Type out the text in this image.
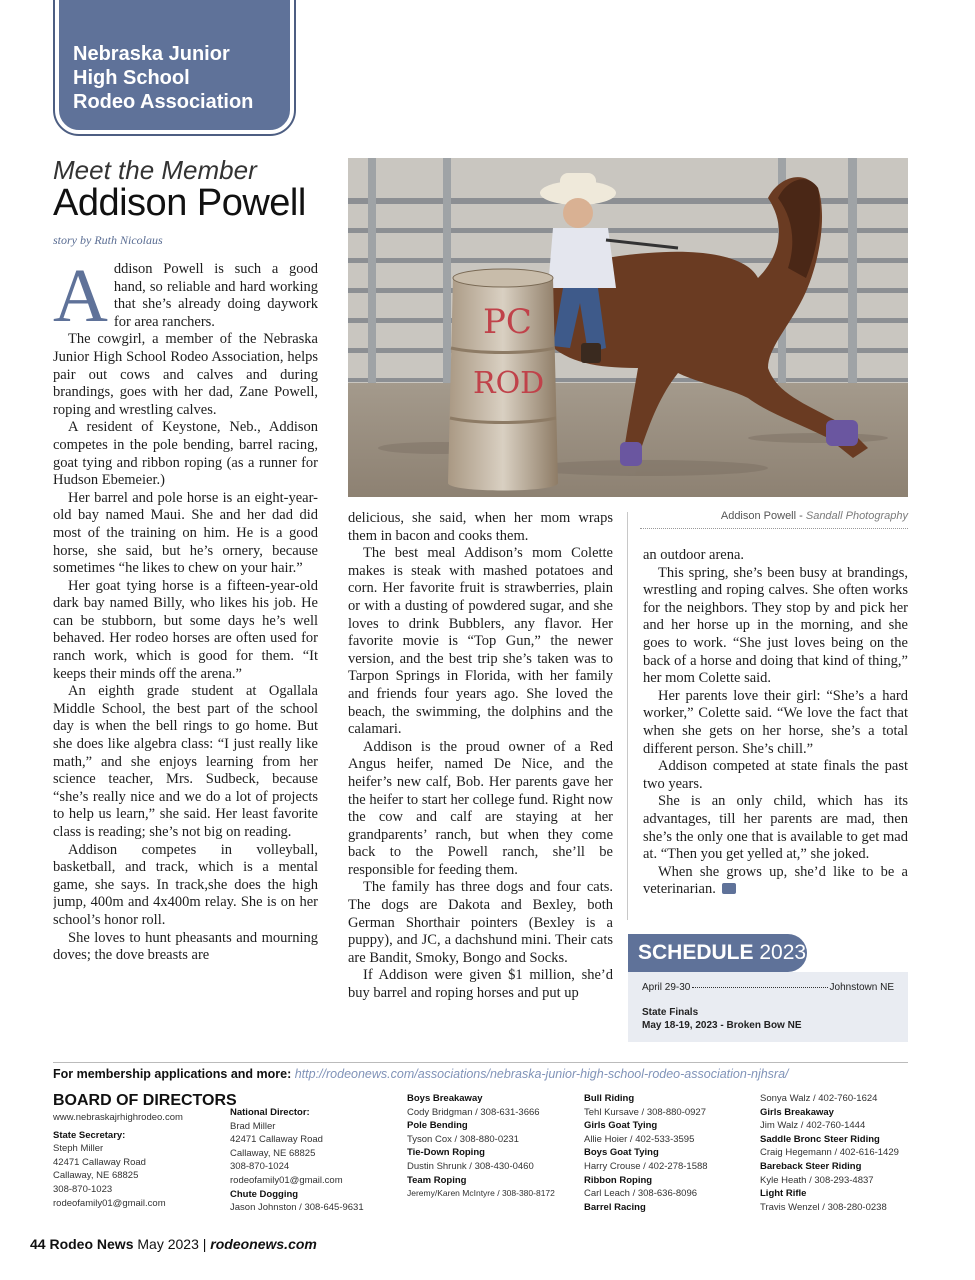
Nebraska Junior
High School
Rodeo Association
Meet the Member
Addison Powell
story by Ruth Nicolaus
PC
ROD
Addison Powell - Sandall Photography
A ddison Powell is such a good hand, so reliable and hard working that she’s already doing daywork for area ranchers.

The cowgirl, a member of the Nebraska Junior High School Rodeo Association, helps pair out cows and calves and during brandings, goes with her dad, Zane Powell, roping and wrestling calves.

A resident of Keystone, Neb., Addison competes in the pole bending, barrel racing, goat tying and ribbon roping (as a runner for Hudson Ebemeier.)

Her barrel and pole horse is an eight-year-old bay named Maui. She and her dad did most of the training on him. He is a good horse, she said, but he’s ornery, because sometimes “he likes to chew on your hair.”

Her goat tying horse is a fifteen-year-old dark bay named Billy, who likes his job. He can be stubborn, but some days he’s well behaved. Her rodeo horses are often used for ranch work, which is good for them. “It keeps their minds off the arena.”

An eighth grade student at Ogallala Middle School, the best part of the school day is when the bell rings to go home. But she does like algebra class: “I just really like math,” and she enjoys learning from her science teacher, Mrs. Sudbeck, because “she’s really nice and we do a lot of projects to help us learn,” she said. Her least favorite class is reading; she’s not big on reading.

Addison competes in volleyball, basketball, and track, which is a mental game, she says. In track,she does the high jump, 400m and 4x400m relay. She is on her school’s honor roll.

She loves to hunt pheasants and mourning doves; the dove breasts are

delicious, she said, when her mom wraps them in bacon and cooks them.

The best meal Addison’s mom Colette makes is steak with mashed potatoes and corn. Her favorite fruit is strawberries, plain or with a dusting of powdered sugar, and she loves to drink Bubblers, any flavor. Her favorite movie is “Top Gun,” the newer version, and the best trip she’s taken was to Tarpon Springs in Florida, with her family and friends four years ago. She loved the beach, the swimming, the dolphins and the calamari.

Addison is the proud owner of a Red Angus heifer, named De Nice, and the heifer’s new calf, Bob. Her parents gave her the heifer to start her college fund. Right now the cow and calf are staying at her grandparents’ ranch, but when they come back to the Powell ranch, she’ll be responsible for feeding them.

The family has three dogs and four cats. The dogs are Dakota and Bexley, both German Shorthair pointers (Bexley is a puppy), and JC, a dachshund mini. Their cats are Bandit, Smoky, Bongo and Socks.

If Addison were given $1 million, she’d buy barrel and roping horses and put up

an outdoor arena.

This spring, she’s been busy at brandings, wrestling and roping calves. She often works for the neighbors. They stop by and pick her and her horse up in the morning, and she goes to work. “She just loves being on the back of a horse and doing that kind of thing,” her mom Colette said.

Her parents love their girl: “She’s a hard worker,” Colette said. “We love the fact that when she gets on her horse, she’s a total different person. She’s chill.”

Addison competed at state finals the past two years.

She is an only child, which has its advantages, till her parents are mad, then she’s the only one that is available to get mad at. “Then you get yelled at,” she joked.

When she grows up, she’d like to be a veterinarian.

SCHEDULE 2023
April 29-30	Johnstown NE
State Finals
May 18-19, 2023 - Broken Bow NE
For membership applications and more: http://rodeonews.com/associations/nebraska-junior-high-school-rodeo-association-njhsra/
BOARD OF DIRECTORS
www.nebraskajrhighrodeo.com
State Secretary:
Steph Miller
42471 Callaway Road
Callaway, NE 68825
308-870-1023
rodeofamily01@gmail.com
National Director:
Brad Miller
42471 Callaway Road
Callaway, NE 68825
308-870-1024
rodeofamily01@gmail.com
Chute Dogging
Jason Johnston / 308-645-9631
Boys Breakaway
Cody Bridgman / 308-631-3666
Pole Bending
Tyson Cox / 308-880-0231
Tie-Down Roping
Dustin Shrunk / 308-430-0460
Team Roping
Jeremy/Karen McIntyre / 308-380-8172
Bull Riding
Tehl Kursave / 308-880-0927
Girls Goat Tying
Allie Hoier / 402-533-3595
Boys Goat Tying
Harry Crouse / 402-278-1588
Ribbon Roping
Carl Leach / 308-636-8096
Barrel Racing
Sonya Walz / 402-760-1624
Girls Breakaway
Jim Walz / 402-760-1444
Saddle Bronc Steer Riding
Craig Hegemann / 402-616-1429
Bareback Steer Riding
Kyle Heath / 308-293-4837
Light Rifle
Travis Wenzel / 308-280-0238
44 Rodeo News May 2023 | rodeonews.com
